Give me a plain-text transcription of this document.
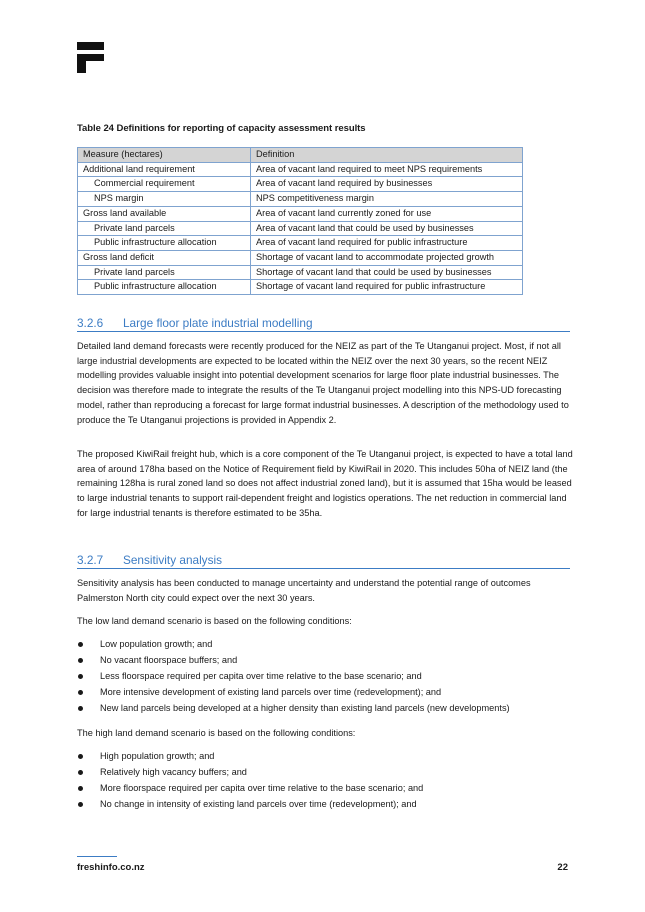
Table 24 Definitions for reporting of capacity assessment results
Measure (hectares)	Definition
Additional land requirement	Area of vacant land required to meet NPS requirements
Commercial requirement	Area of vacant land required by businesses
NPS margin	NPS competitiveness margin
Gross land available	Area of vacant land currently zoned for use
Private land parcels	Area of vacant land that could be used by businesses
Public infrastructure allocation	Area of vacant land required for public infrastructure
Gross land deficit	Shortage of vacant land to accommodate projected growth
Private land parcels	Shortage of vacant land that could be used by businesses
Public infrastructure allocation	Shortage of vacant land required for public infrastructure
3.2.6 Large floor plate industrial modelling

Detailed land demand forecasts were recently produced for the NEIZ as part of the Te Utanganui project. Most, if not all large industrial developments are expected to be located within the NEIZ over the next 30 years, so the recent NEIZ modelling provides valuable insight into potential development scenarios for large floor plate industrial businesses. The decision was therefore made to integrate the results of the Te Utanganui project modelling into this NPS-UD forecasting model, rather than reproducing a forecast for large format industrial businesses. A description of the methodology used to produce the Te Utanganui projections is provided in Appendix 2.

The proposed KiwiRail freight hub, which is a core component of the Te Utanganui project, is expected to have a total land area of around 178ha based on the Notice of Requirement field by KiwiRail in 2020. This includes 50ha of NEIZ land (the remaining 128ha is rural zoned land so does not affect industrial zoned land), but it is assumed that 15ha would be leased to large industrial tenants to support rail-dependent freight and logistics operations. The net reduction in commercial land for large industrial tenants is therefore estimated to be 35ha.

3.2.7 Sensitivity analysis

Sensitivity analysis has been conducted to manage uncertainty and understand the potential range of outcomes Palmerston North city could expect over the next 30 years.

The low land demand scenario is based on the following conditions:

Low population growth; and
No vacant floorspace buffers; and
Less floorspace required per capita over time relative to the base scenario; and
More intensive development of existing land parcels over time (redevelopment); and
New land parcels being developed at a higher density than existing land parcels (new developments)

The high land demand scenario is based on the following conditions:

High population growth; and
Relatively high vacancy buffers; and
More floorspace required per capita over time relative to the base scenario; and
No change in intensity of existing land parcels over time (redevelopment); and
freshinfo.co.nz	22
